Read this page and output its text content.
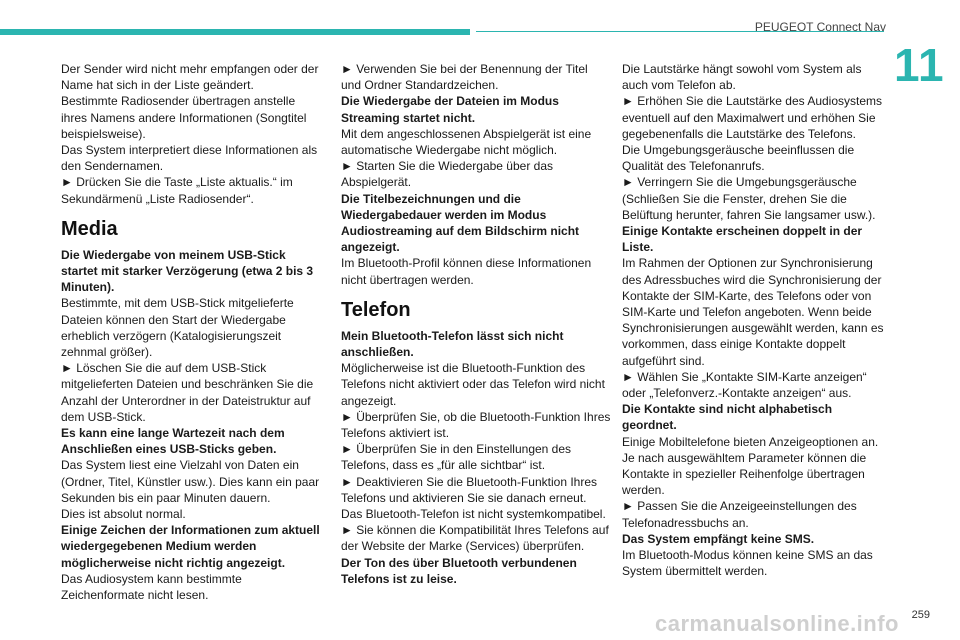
PEUGEOT Connect Nav
11

Der Sender wird nicht mehr empfangen oder der Name hat sich in der Liste geändert.

Bestimmte Radiosender übertragen anstelle ihres Namens andere Informationen (Songtitel beispielsweise).

Das System interpretiert diese Informationen als den Sendernamen.

► Drücken Sie die Taste „Liste aktualis.“ im Sekundärmenü „Liste Radiosender“.

Media

Die Wiedergabe von meinem USB-Stick startet mit starker Verzögerung (etwa 2 bis 3 Minuten).

Bestimmte, mit dem USB-Stick mitgelieferte Dateien können den Start der Wiedergabe erheblich verzögern (Katalogisierungszeit zehnmal größer).

► Löschen Sie die auf dem USB-Stick mitgelieferten Dateien und beschränken Sie die Anzahl der Unterordner in der Dateistruktur auf dem USB-Stick.

Es kann eine lange Wartezeit nach dem Anschließen eines USB-Sticks geben.

Das System liest eine Vielzahl von Daten ein (Ordner, Titel, Künstler usw.). Dies kann ein paar Sekunden bis ein paar Minuten dauern.

Dies ist absolut normal.

Einige Zeichen der Informationen zum aktuell wiedergegebenen Medium werden möglicherweise nicht richtig angezeigt.

Das Audiosystem kann bestimmte Zeichenformate nicht lesen.

► Verwenden Sie bei der Benennung der Titel und Ordner Standardzeichen.

Die Wiedergabe der Dateien im Modus Streaming startet nicht.

Mit dem angeschlossenen Abspielgerät ist eine automatische Wiedergabe nicht möglich.

► Starten Sie die Wiedergabe über das Abspielgerät.

Die Titelbezeichnungen und die Wiedergabedauer werden im Modus Audiostreaming auf dem Bildschirm nicht angezeigt.

Im Bluetooth-Profil können diese Informationen nicht übertragen werden.

Telefon

Mein Bluetooth-Telefon lässt sich nicht anschließen.

Möglicherweise ist die Bluetooth-Funktion des Telefons nicht aktiviert oder das Telefon wird nicht angezeigt.

► Überprüfen Sie, ob die Bluetooth-Funktion Ihres Telefons aktiviert ist.

► Überprüfen Sie in den Einstellungen des Telefons, dass es „für alle sichtbar“ ist.

► Deaktivieren Sie die Bluetooth-Funktion Ihres Telefons und aktivieren Sie sie danach erneut.

Das Bluetooth-Telefon ist nicht systemkompatibel.

► Sie können die Kompatibilität Ihres Telefons auf der Website der Marke (Services) überprüfen.

Der Ton des über Bluetooth verbundenen Telefons ist zu leise.

Die Lautstärke hängt sowohl vom System als auch vom Telefon ab.

► Erhöhen Sie die Lautstärke des Audiosystems eventuell auf den Maximalwert und erhöhen Sie gegebenenfalls die Lautstärke des Telefons.

Die Umgebungsgeräusche beeinflussen die Qualität des Telefonanrufs.

► Verringern Sie die Umgebungsgeräusche (Schließen Sie die Fenster, drehen Sie die Belüftung herunter, fahren Sie langsamer usw.).

Einige Kontakte erscheinen doppelt in der Liste.

Im Rahmen der Optionen zur Synchronisierung des Adressbuches wird die Synchronisierung der Kontakte der SIM-Karte, des Telefons oder von SIM-Karte und Telefon angeboten. Wenn beide Synchronisierungen ausgewählt werden, kann es vorkommen, dass einige Kontakte doppelt aufgeführt sind.

► Wählen Sie „Kontakte SIM-Karte anzeigen“ oder „Telefonverz.-Kontakte anzeigen“ aus.

Die Kontakte sind nicht alphabetisch geordnet.

Einige Mobiltelefone bieten Anzeigeoptionen an. Je nach ausgewähltem Parameter können die Kontakte in spezieller Reihenfolge übertragen werden.

► Passen Sie die Anzeigeeinstellungen des Telefonadressbuchs an.

Das System empfängt keine SMS.

Im Bluetooth-Modus können keine SMS an das System übermittelt werden.

carmanualsonline.info 259
